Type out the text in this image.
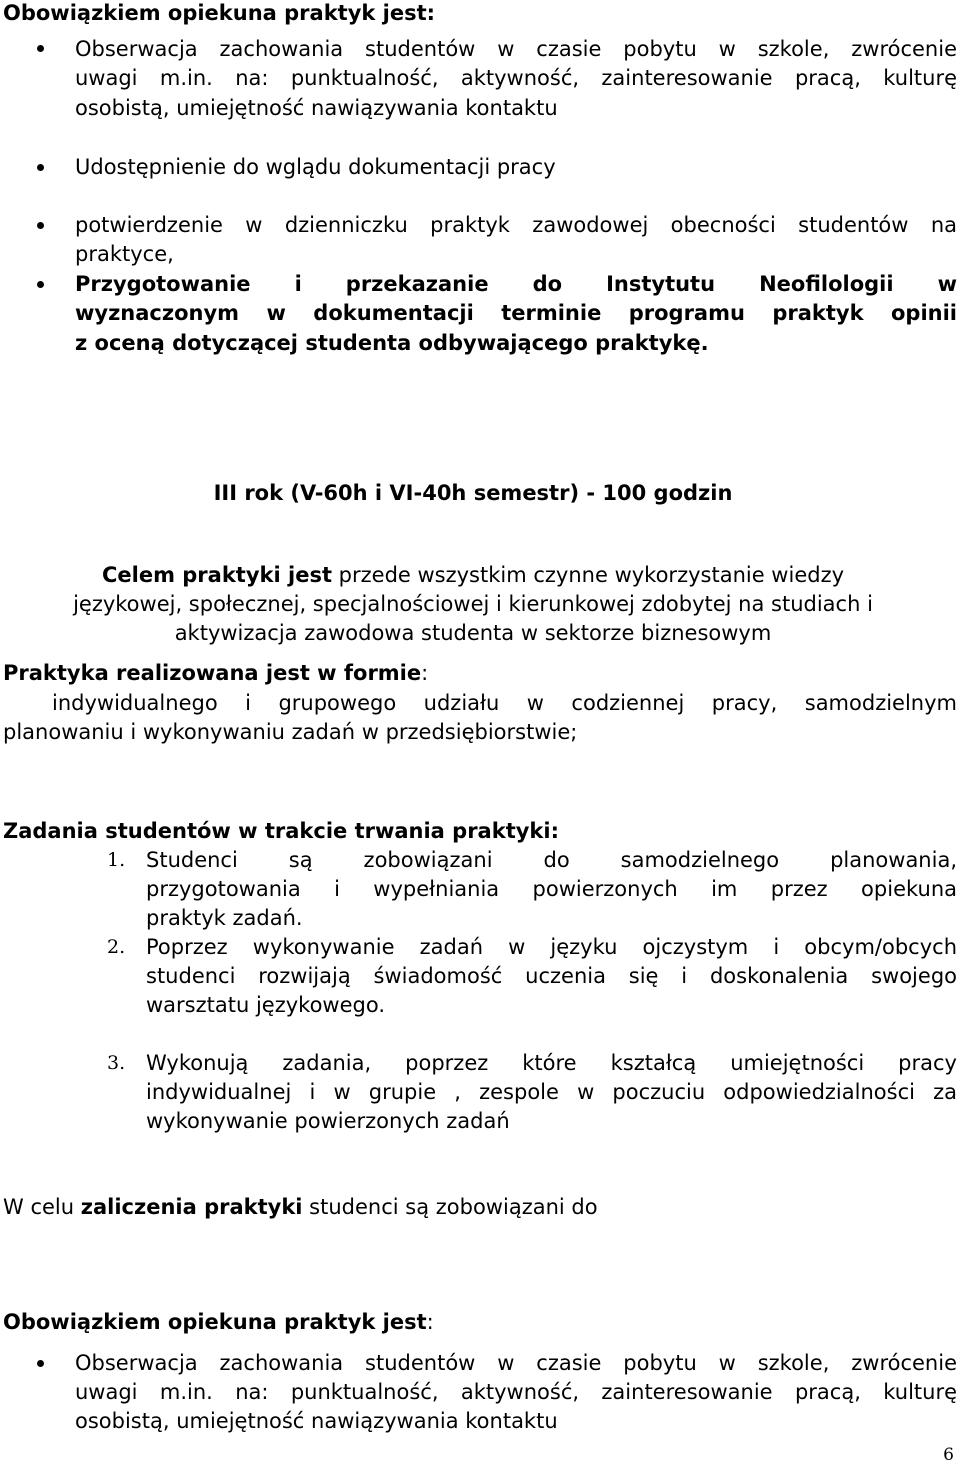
Obowiązkiem opiekuna praktyk jest:
Obserwacja zachowania studentów w czasie pobytu w szkole, zwrócenie
uwagi m.in. na: punktualność, aktywność, zainteresowanie pracą, kulturę
osobistą, umiejętność nawiązywania kontaktu
Udostępnienie do wglądu dokumentacji pracy
potwierdzenie w dzienniczku praktyk zawodowej obecności studentów na
praktyce,
Przygotowanie i przekazanie do Instytutu Neofilologii w
wyznaczonym w dokumentacji terminie programu praktyk opinii
z oceną dotyczącej studenta odbywającego praktykę.
III rok (V-60h i VI-40h semestr) - 100 godzin
Celem praktyki jest przede wszystkim czynne wykorzystanie wiedzy
językowej, społecznej, specjalnościowej i kierunkowej zdobytej na studiach i
aktywizacja zawodowa studenta w sektorze biznesowym
Praktyka realizowana jest w formie:
indywidualnego i grupowego udziału w codziennej pracy, samodzielnym
planowaniu i wykonywaniu zadań w przedsiębiorstwie;
Zadania studentów w trakcie trwania praktyki:
1. Studenci są zobowiązani do samodzielnego planowania,
przygotowania i wypełniania powierzonych im przez opiekuna
praktyk zadań.
2. Poprzez wykonywanie zadań w języku ojczystym i obcym/obcych
studenci rozwijają świadomość uczenia się i doskonalenia swojego
warsztatu językowego.
3. Wykonują zadania, poprzez które kształcą umiejętności pracy
indywidualnej i w grupie , zespole w poczuciu odpowiedzialności za
wykonywanie powierzonych zadań
W celu zaliczenia praktyki studenci są zobowiązani do
Obowiązkiem opiekuna praktyk jest:
Obserwacja zachowania studentów w czasie pobytu w szkole, zwrócenie
uwagi m.in. na: punktualność, aktywność, zainteresowanie pracą, kulturę
osobistą, umiejętność nawiązywania kontaktu
6
